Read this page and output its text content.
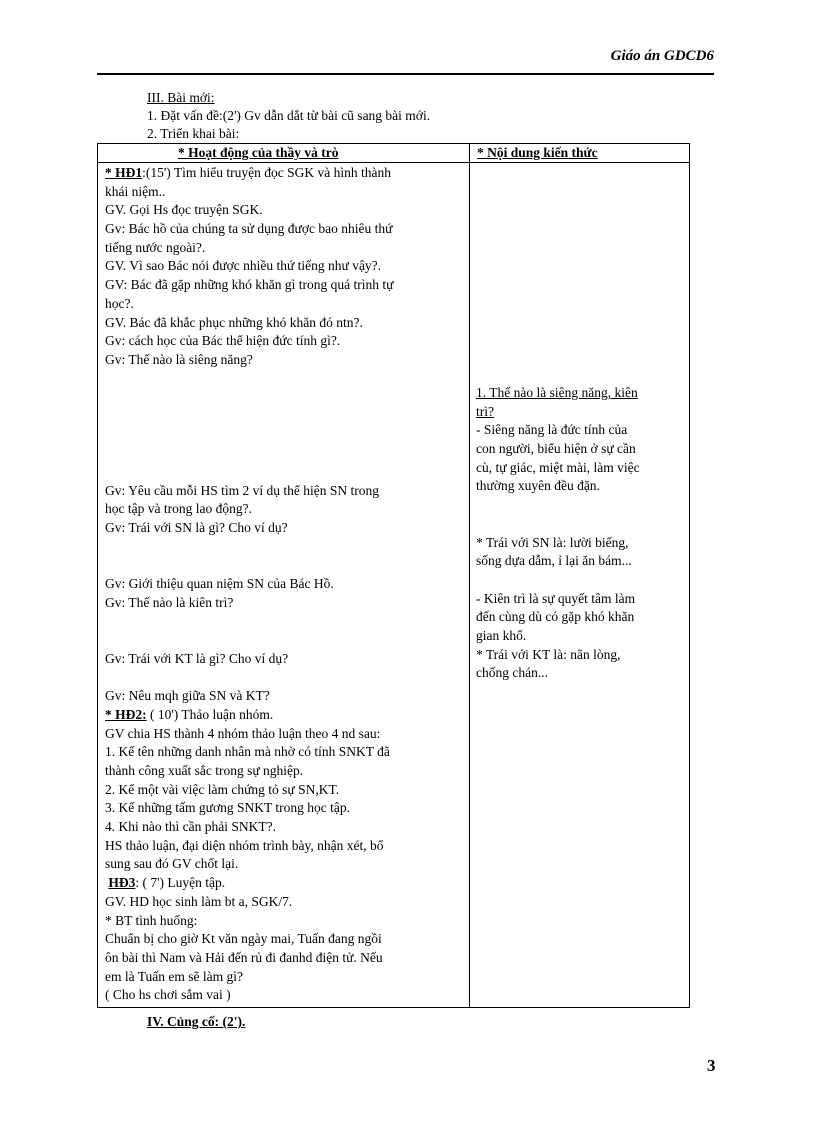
Giáo án GDCD6
III. Bài mới:
1. Đặt vấn đề:(2') Gv dẫn dắt từ bài cũ sang bài mới.
2. Triển khai bài:
* Hoạt động của thầy và trò	* Nội dung kiến thức
* HĐ1:(15') Tìm hiểu truyện đọc SGK và hình thành
khái niệm..
GV. Gọi Hs đọc truyện SGK.
Gv: Bác hồ của chúng ta sử dụng được bao nhiêu thứ
tiếng nước ngoài?.
GV. Vì sao Bác nói được nhiều thứ tiếng như vậy?.
GV: Bác đã gặp những khó khăn gì trong quá trình tự
học?.
GV. Bác đã khắc phục những khó khăn đó ntn?.
Gv: cách học của Bác thể hiện đức tính gì?.
Gv: Thế nào là siêng năng?
Gv: Yêu cầu mỗi HS tìm 2 ví dụ thể hiện SN trong
học tập và trong lao động?.
Gv: Trái với SN là gì? Cho ví dụ?
Gv: Giới thiệu quan niệm SN của Bác Hồ.
Gv: Thế nào là kiên trì?
Gv: Trái với KT là gì? Cho ví dụ?
Gv: Nêu mqh giữa SN và KT?
* HĐ2: ( 10') Thảo luận nhóm.
GV chia HS thành 4 nhóm thảo luận theo 4 nd sau:
1. Kể tên những danh nhân mà nhờ có tính SNKT đã
thành công xuất sắc trong sự nghiệp.
2. Kể một vài việc làm chứng tỏ sự SN,KT.
3. Kể những tấm gương SNKT trong học tập.
4. Khi nào thì cần phải SNKT?.
HS thảo luận, đại diện nhóm trình bày, nhận xét, bổ
sung sau đó GV chốt lại.
HĐ3: ( 7') Luyện tập.
GV. HD học sinh làm bt a, SGK/7.
* BT tình huống:
Chuẩn bị cho giờ Kt văn ngày mai, Tuấn đang ngồi
ôn bài thì Nam và Hải đến rủ đi đanhd điện tử. Nếu
em là Tuấn em sẽ làm gì?
( Cho hs chơi sắm vai )
1. Thế nào là siêng năng, kiên
trì?
- Siêng năng là đức tính của
con người, biểu hiện ở sự cần
cù, tự giác, miệt mài, làm việc
thường xuyên đều đặn.
* Trái với SN là: lười biếng,
sống dựa dẫm, ỉ lại ăn bám...
- Kiên trì là sự quyết tâm làm
đến cùng dù có gặp khó khăn
gian khổ.
* Trái với KT là: nãn lòng,
chống chán...
IV. Củng cố: (2').
3
